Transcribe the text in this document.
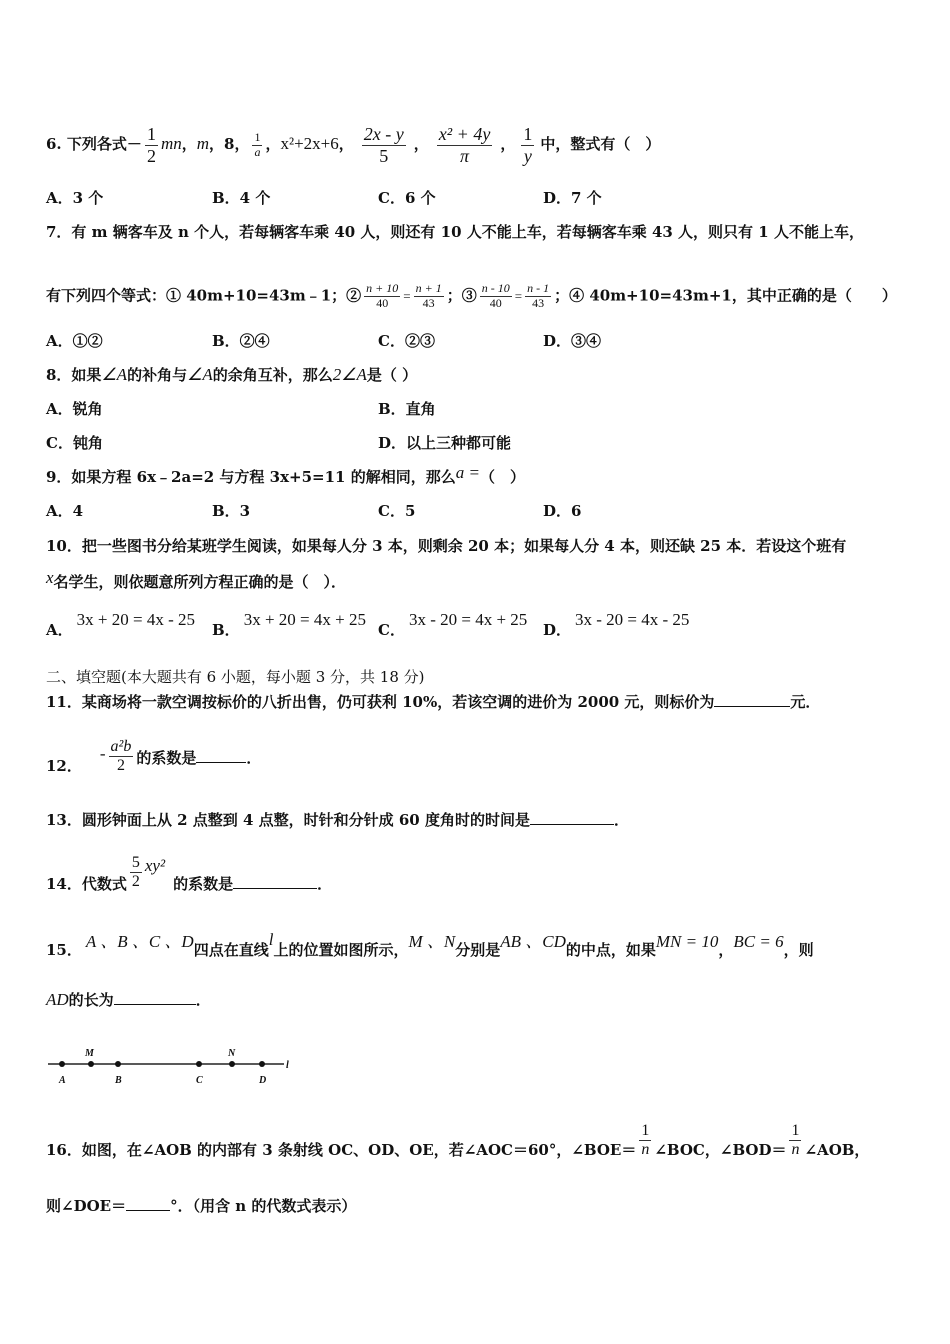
6. 下列各式－ $\frac{1}{2}$ mn，m，8， $\frac{1}{a}$ ，x²+2x+6， $\frac{2x - y}{5}$ ， $\frac{\text{x² + 4y}}{\pi}$ ， $\frac{1}{y}$ 中，整式有（　）
A．3 个	B．4 个	C．6 个	D．7 个
7．有 m 辆客车及 n 个人，若每辆客车乘 40 人，则还有 10 人不能上车，若每辆客车乘 43 人，则只有 1 人不能上车，
有下列四个等式：① 40m+10=43m﹣1；② $\frac{n + 10}{40} = \frac{n + 1}{43}$ ；③ $\frac{n - 10}{40} = \frac{n - 1}{43}$ ；④ 40m+10=43m+1，其中正确的是（　　）
A．①②	B．②④	C．②③	D．③④
8．如果∠A的补角与∠A的余角互补，那么2∠A是（ ）
A．锐角	B．直角
C．钝角	D．以上三种都可能
9．如果方程 6x﹣2a=2 与方程 3x+5=11 的解相同，那么a =（　）
A．4	B．3	C．5	D．6
10．把一些图书分给某班学生阅读，如果每人分 3 本，则剩余 20 本；如果每人分 4 本，则还缺 25 本．若设这个班有
x名学生，则依题意所列方程正确的是（　）．
A．3x + 20 = 4x - 25
B．3x + 20 = 4x + 25
C．3x - 20 = 4x + 25
D．3x - 20 = 4x - 25
二、填空题(本大题共有 6 小题，每小题 3 分，共 18 分)
11．某商场将一款空调按标价的八折出售，仍可获利 10%，若该空调的进价为 2000 元，则标价为	元．
12．- $\frac{\text{a²b}}{2}$ 的系数是	．
13．圆形钟面上从 2 点整到 4 点整，时针和分针成 60 度角时的时间是	．
14．代数式 $\frac{5}{2} xy^2$的系数是	．
15． A 、B 、C 、D四点在直线l上的位置如图所示，M 、N分别是AB 、CD的中点，如果MN = 10，BC = 6，则
AD的长为	．
A
M
B	C
N
D
l
16．如图，在∠AOB 的内部有 3 条射线 OC、OD、OE，若∠AOC＝60°，∠BOE＝ $\frac{1}{n}$ ∠BOC，∠BOD＝ $\frac{1}{n}$ ∠AOB，
则∠DOE＝	°．（用含 n 的代数式表示）
